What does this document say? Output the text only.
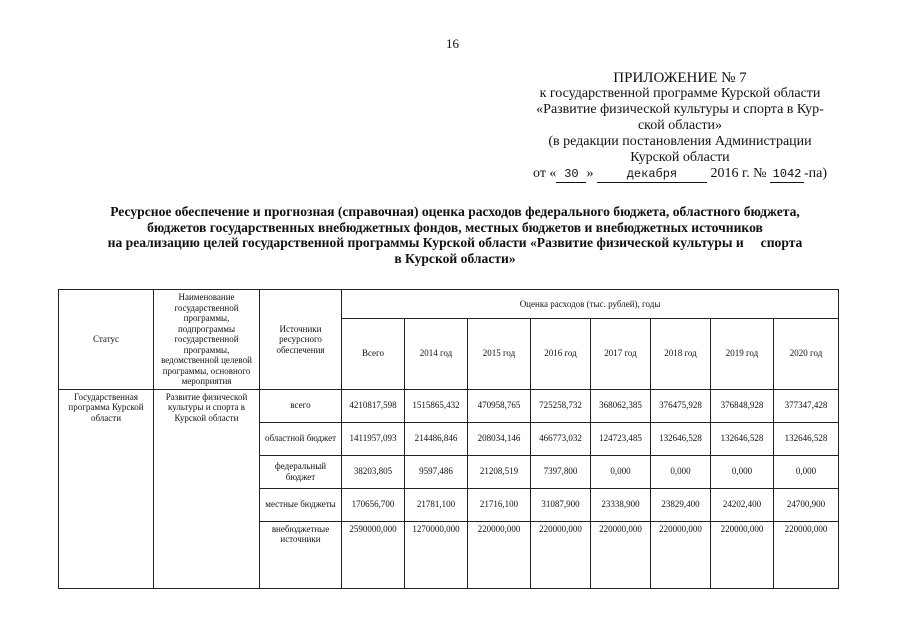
16
ПРИЛОЖЕНИЕ № 7
к государственной программе Курской области
«Развитие физической культуры и спорта в Кур-
ской области»
(в редакции постановления Администрации
Курской области
от « 30 »	декабря 2016 г. № 1042 -па)
Ресурсное обеспечение и прогнозная (справочная) оценка расходов федерального бюджета, областного бюджета,
бюджетов государственных внебюджетных фондов, местных бюджетов и внебюджетных источников
на реализацию целей государственной программы Курской области «Развитие физической культуры и     спорта
в Курской области»
Статус	Наименование государственной программы, подпрограммы государственной программы, ведомственной целевой программы, основного мероприятия	Источники ресурсного обеспечения	Оценка расходов (тыс. рублей), годы							
			Всего	2014 год	2015 год	2016 год	2017 год	2018 год	2019 год	2020 год
Государственная программа Курской области	Развитие физической культуры и спорта в Курской области	всего	4210817,598	1515865,432	470958,765	725258,732	368062,385	376475,928	376848,928	377347,428
		областной бюджет	1411957,093	214486,846	208034,146	466773,032	124723,485	132646,528	132646,528	132646,528
		федеральный бюджет	38203,805	9597,486	21208,519	7397,800	0,000	0,000	0,000	0,000
		местные бюджеты	170656,700	21781,100	21716,100	31087,900	23338,900	23829,400	24202,400	24700,900
		внебюджетные источники	2590000,000	1270000,000	220000,000	220000,000	220000,000	220000,000	220000,000	220000,000
